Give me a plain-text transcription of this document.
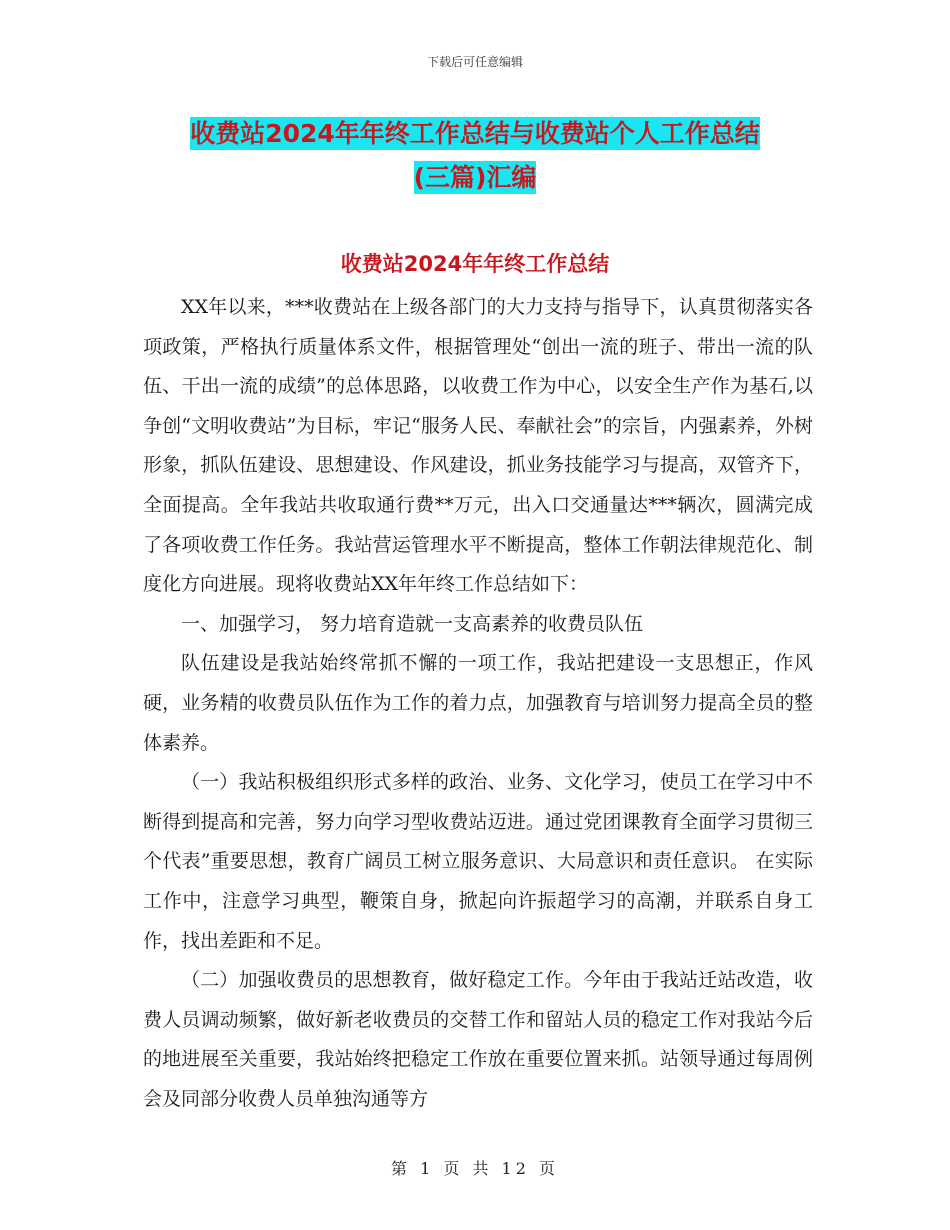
下载后可任意编辑
收费站2024年年终工作总结与收费站个人工作总结
(三篇)汇编
收费站2024年年终工作总结

XX年以来，***收费站在上级各部门的大力支持与指导下，认真贯彻落实各项政策，严格执行质量体系文件，根据管理处“创出一流的班子、带出一流的队伍、干出一流的成绩”的总体思路，以收费工作为中心，以安全生产作为基石,以争创“文明收费站”为目标，牢记“服务人民、奉献社会”的宗旨，内强素养，外树形象，抓队伍建设、思想建设、作风建设，抓业务技能学习与提高，双管齐下，全面提高。全年我站共收取通行费**万元，出入口交通量达***辆次，圆满完成了各项收费工作任务。我站营运管理水平不断提高，整体工作朝法律规范化、制度化方向进展。现将收费站XX年年终工作总结如下：

一、加强学习， 努力培育造就一支高素养的收费员队伍

队伍建设是我站始终常抓不懈的一项工作，我站把建设一支思想正，作风硬，业务精的收费员队伍作为工作的着力点，加强教育与培训努力提高全员的整体素养。

（一）我站积极组织形式多样的政治、业务、文化学习，使员工在学习中不断得到提高和完善，努力向学习型收费站迈进。通过党团课教育全面学习贯彻三个代表”重要思想，教育广阔员工树立服务意识、大局意识和责任意识。 在实际工作中，注意学习典型，鞭策自身，掀起向许振超学习的高潮，并联系自身工作，找出差距和不足。

（二）加强收费员的思想教育，做好稳定工作。今年由于我站迁站改造，收费人员调动频繁，做好新老收费员的交替工作和留站人员的稳定工作对我站今后的地进展至关重要，我站始终把稳定工作放在重要位置来抓。站领导通过每周例会及同部分收费人员单独沟通等方

第 1 页 共 12 页
